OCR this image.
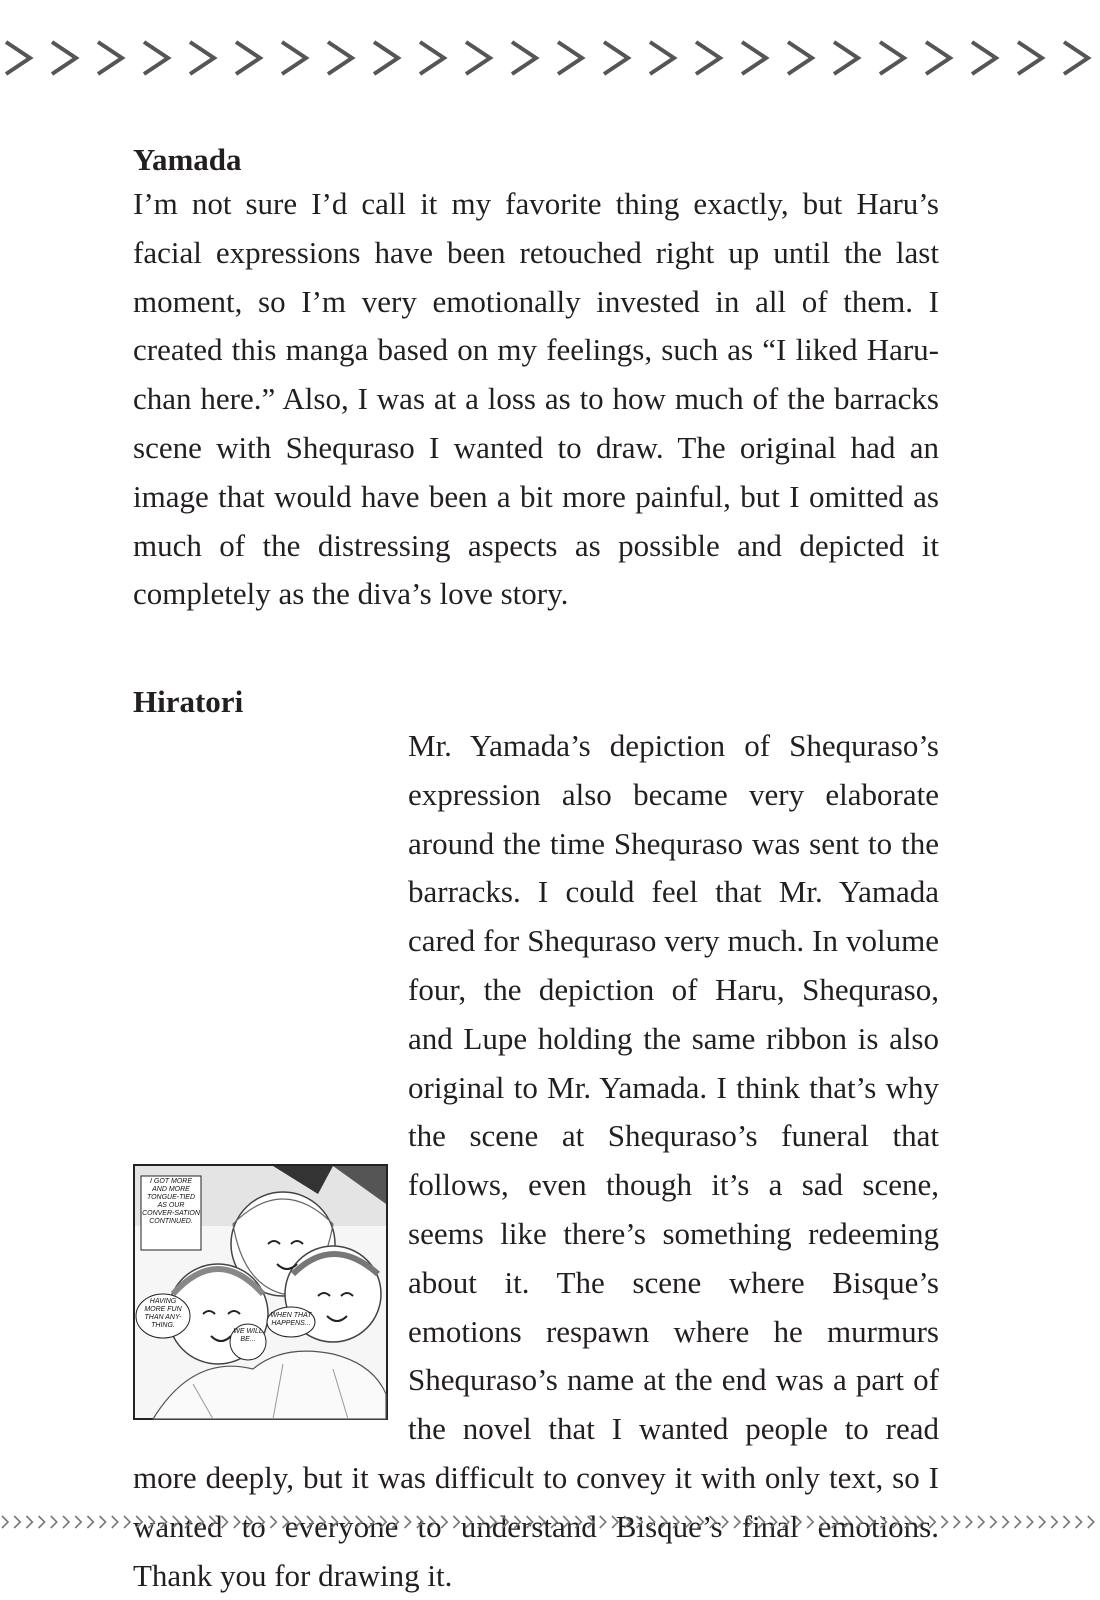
Yamada

I’m not sure I’d call it my favorite thing exactly, but Haru’s facial expressions have been retouched right up until the last moment, so I’m very emotionally invested in all of them. I created this manga based on my feelings, such as “I liked Haru-chan here.” Also, I was at a loss as to how much of the barracks scene with Shequraso I wanted to draw. The original had an image that would have been a bit more painful, but I omitted as much of the distressing aspects as possible and depicted it completely as the diva’s love story.

Hiratori

I GOT MORE AND MORE TONGUE-TIED AS OUR CONVER-SATION CONTINUED.
HAVING MORE FUN THAN ANY-THING.
WE WILL BE...
WHEN THAT HAPPENS...
Mr. Yamada’s depiction of Shequraso’s expression also became very elaborate around the time Shequraso was sent to the barracks. I could feel that Mr. Yamada cared for Shequraso very much. In volume four, the depiction of Haru, Shequraso, and Lupe holding the same ribbon is also original to Mr. Yamada. I think that’s why the scene at Shequraso’s funeral that follows, even though it’s a sad scene, seems like there’s something redeeming about it. The scene where Bisque’s emotions respawn where he murmurs Shequraso’s name at the end was a part of the novel that I wanted people to read more deeply, but it was difficult to convey it with only text, so I wanted to everyone to understand Bisque’s final emotions. Thank you for drawing it.
